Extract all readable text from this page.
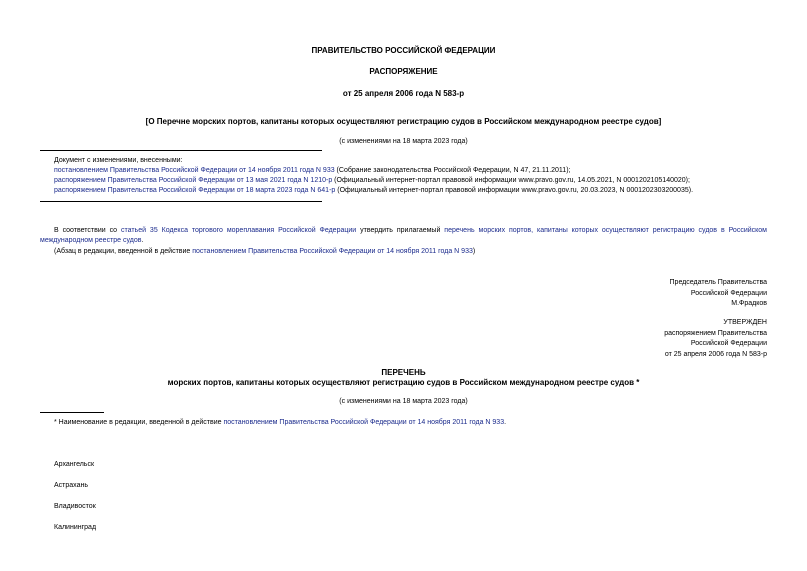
ПРАВИТЕЛЬСТВО РОССИЙСКОЙ ФЕДЕРАЦИИ
РАСПОРЯЖЕНИЕ
от 25 апреля 2006 года N 583-р
[О Перечне морских портов, капитаны которых осуществляют регистрацию судов в Российском международном реестре судов]
(с изменениями на 18 марта 2023 года)
Документ с изменениями, внесенными:
постановлением Правительства Российской Федерации от 14 ноября 2011 года N 933 (Собрание законодательства Российской Федерации, N 47, 21.11.2011);
распоряжением Правительства Российской Федерации от 13 мая 2021 года N 1210-р (Официальный интернет-портал правовой информации www.pravo.gov.ru, 14.05.2021, N 0001202105140020);
распоряжением Правительства Российской Федерации от 18 марта 2023 года N 641-р (Официальный интернет-портал правовой информации www.pravo.gov.ru, 20.03.2023, N 0001202303200035).
В соответствии со статьей 35 Кодекса торгового мореплавания Российской Федерации утвердить прилагаемый перечень морских портов, капитаны которых осуществляют регистрацию судов в Российском
международном реестре судов.
(Абзац в редакции, введенной в действие постановлением Правительства Российской Федерации от 14 ноября 2011 года N 933)
Председатель Правительства
Российской Федерации
М.Фрадков
УТВЕРЖДЕН
распоряжением Правительства
Российской Федерации
от 25 апреля 2006 года N 583-р
ПЕРЕЧЕНЬ
морских портов, капитаны которых осуществляют регистрацию судов в Российском международном реестре судов *
(с изменениями на 18 марта 2023 года)
* Наименование в редакции, введенной в действие постановлением Правительства Российской Федерации от 14 ноября 2011 года N 933.
Архангельск
Астрахань
Владивосток
Калининград
